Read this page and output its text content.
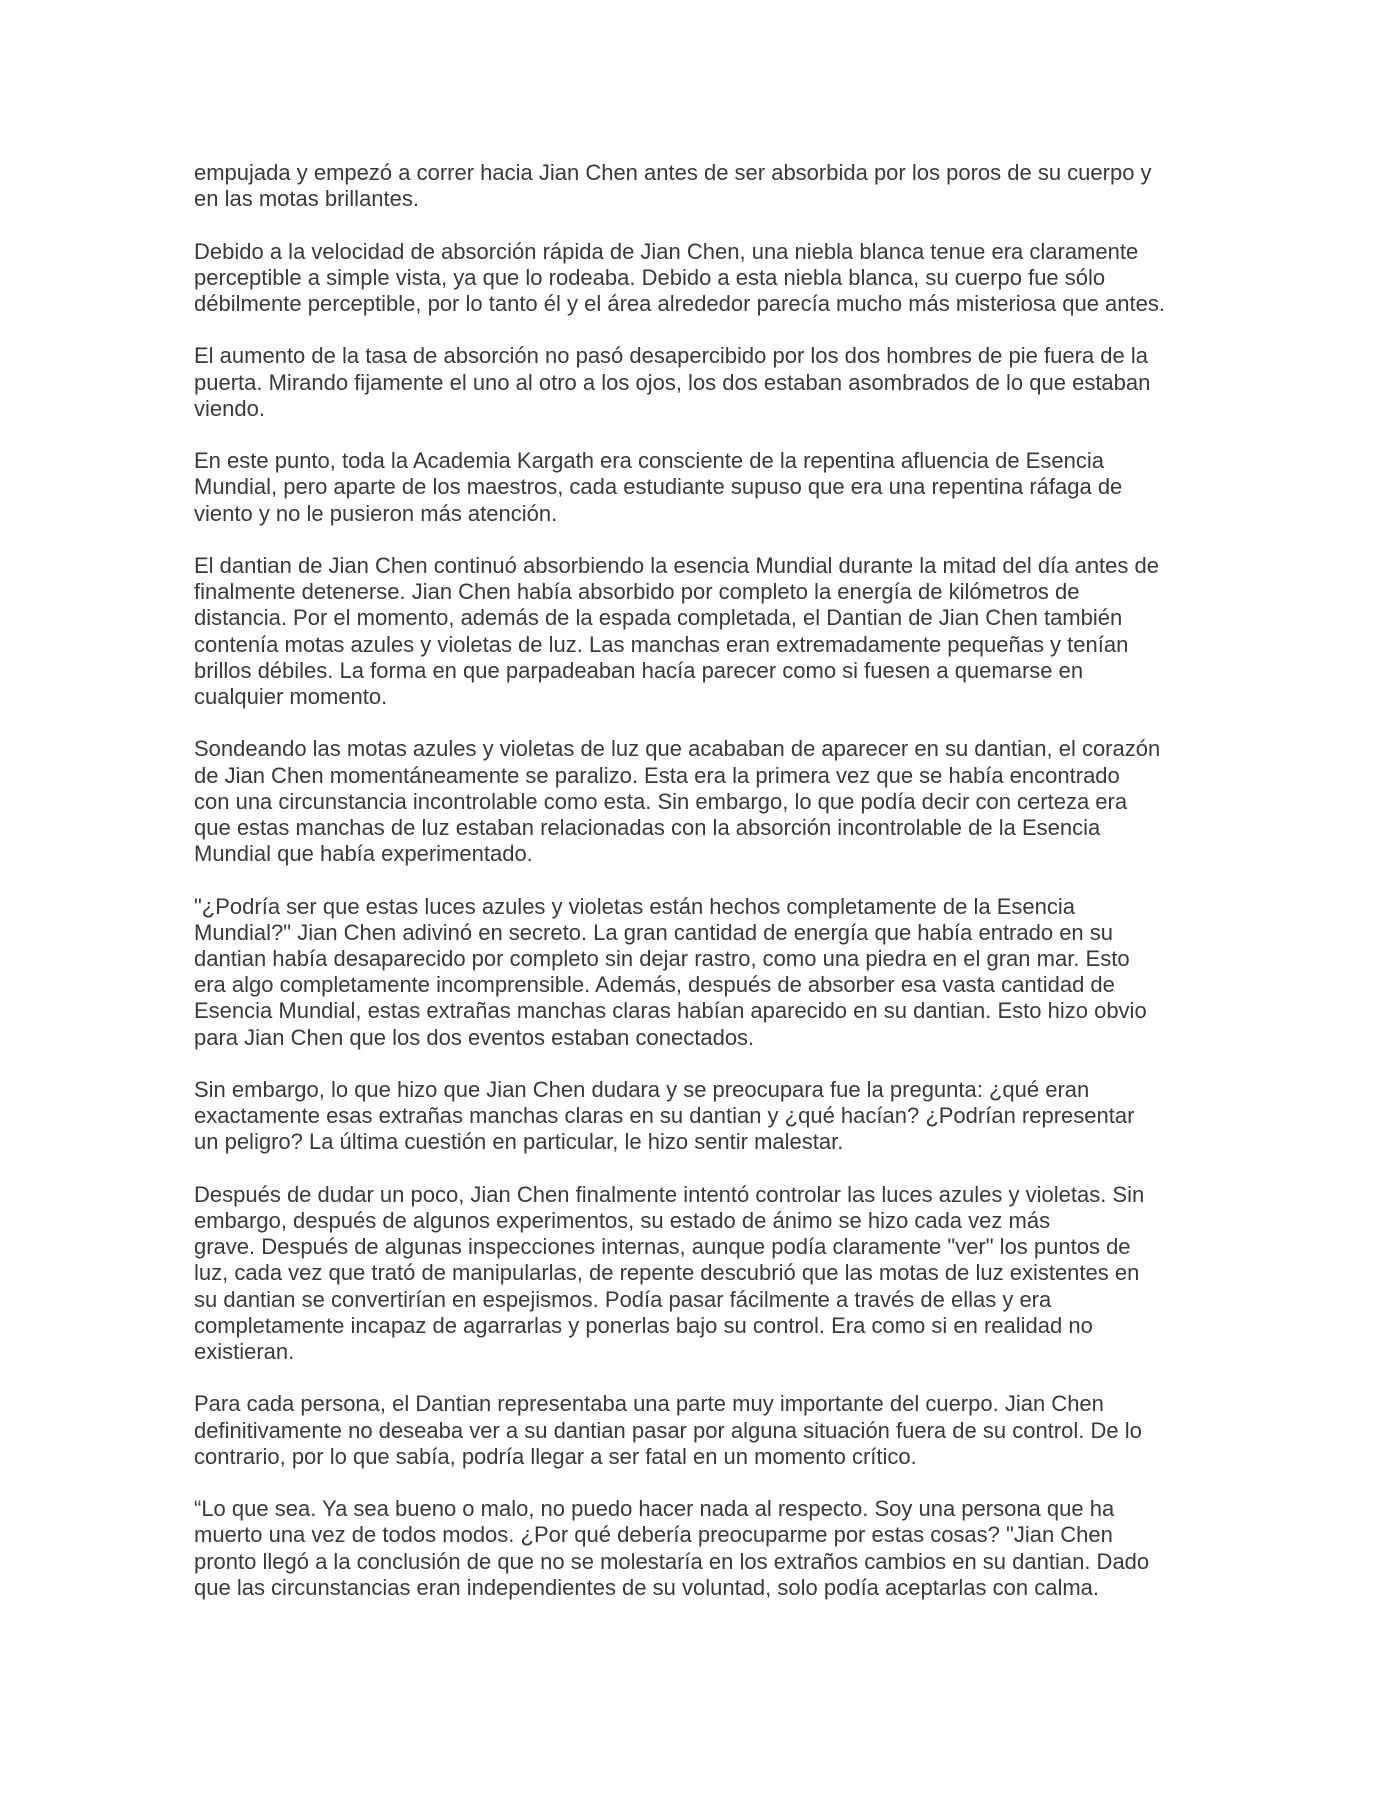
empujada y empezó a correr hacia Jian Chen antes de ser absorbida por los poros de su cuerpo y
en las motas brillantes.

Debido a la velocidad de absorción rápida de Jian Chen, una niebla blanca tenue era claramente
perceptible a simple vista, ya que lo rodeaba. Debido a esta niebla blanca, su cuerpo fue sólo
débilmente perceptible, por lo tanto él y el área alrededor parecía mucho más misteriosa que antes.

El aumento de la tasa de absorción no pasó desapercibido por los dos hombres de pie fuera de la
puerta. Mirando fijamente el uno al otro a los ojos, los dos estaban asombrados de lo que estaban
viendo.

En este punto, toda la Academia Kargath era consciente de la repentina afluencia de Esencia
Mundial, pero aparte de los maestros, cada estudiante supuso que era una repentina ráfaga de
viento y no le pusieron más atención.

El dantian de Jian Chen continuó absorbiendo la esencia Mundial durante la mitad del día antes de
finalmente detenerse. Jian Chen había absorbido por completo la energía de kilómetros de
distancia. Por el momento, además de la espada completada, el Dantian de Jian Chen también
contenía motas azules y violetas de luz. Las manchas eran extremadamente pequeñas y tenían
brillos débiles. La forma en que parpadeaban hacía parecer como si fuesen a quemarse en
cualquier momento.

Sondeando las motas azules y violetas de luz que acababan de aparecer en su dantian, el corazón
de Jian Chen momentáneamente se paralizo. Esta era la primera vez que se había encontrado
con una circunstancia incontrolable como esta. Sin embargo, lo que podía decir con certeza era
que estas manchas de luz estaban relacionadas con la absorción incontrolable de la Esencia
Mundial que había experimentado.

"¿Podría ser que estas luces azules y violetas están hechos completamente de la Esencia
Mundial?" Jian Chen adivinó en secreto. La gran cantidad de energía que había entrado en su
dantian había desaparecido por completo sin dejar rastro, como una piedra en el gran mar. Esto
era algo completamente incomprensible. Además, después de absorber esa vasta cantidad de
Esencia Mundial, estas extrañas manchas claras habían aparecido en su dantian. Esto hizo obvio
para Jian Chen que los dos eventos estaban conectados.

Sin embargo, lo que hizo que Jian Chen dudara y se preocupara fue la pregunta: ¿qué eran
exactamente esas extrañas manchas claras en su dantian y ¿qué hacían? ¿Podrían representar
un peligro? La última cuestión en particular, le hizo sentir malestar.

Después de dudar un poco, Jian Chen finalmente intentó controlar las luces azules y violetas. Sin
embargo, después de algunos experimentos, su estado de ánimo se hizo cada vez más
grave. Después de algunas inspecciones internas, aunque podía claramente "ver" los puntos de
luz, cada vez que trató de manipularlas, de repente descubrió que las motas de luz existentes en
su dantian se convertirían en espejismos. Podía pasar fácilmente a través de ellas y era
completamente incapaz de agarrarlas y ponerlas bajo su control. Era como si en realidad no
existieran.

Para cada persona, el Dantian representaba una parte muy importante del cuerpo. Jian Chen
definitivamente no deseaba ver a su dantian pasar por alguna situación fuera de su control. De lo
contrario, por lo que sabía, podría llegar a ser fatal en un momento crítico.

“Lo que sea. Ya sea bueno o malo, no puedo hacer nada al respecto. Soy una persona que ha
muerto una vez de todos modos. ¿Por qué debería preocuparme por estas cosas? "Jian Chen
pronto llegó a la conclusión de que no se molestaría en los extraños cambios en su dantian. Dado
que las circunstancias eran independientes de su voluntad, solo podía aceptarlas con calma.
